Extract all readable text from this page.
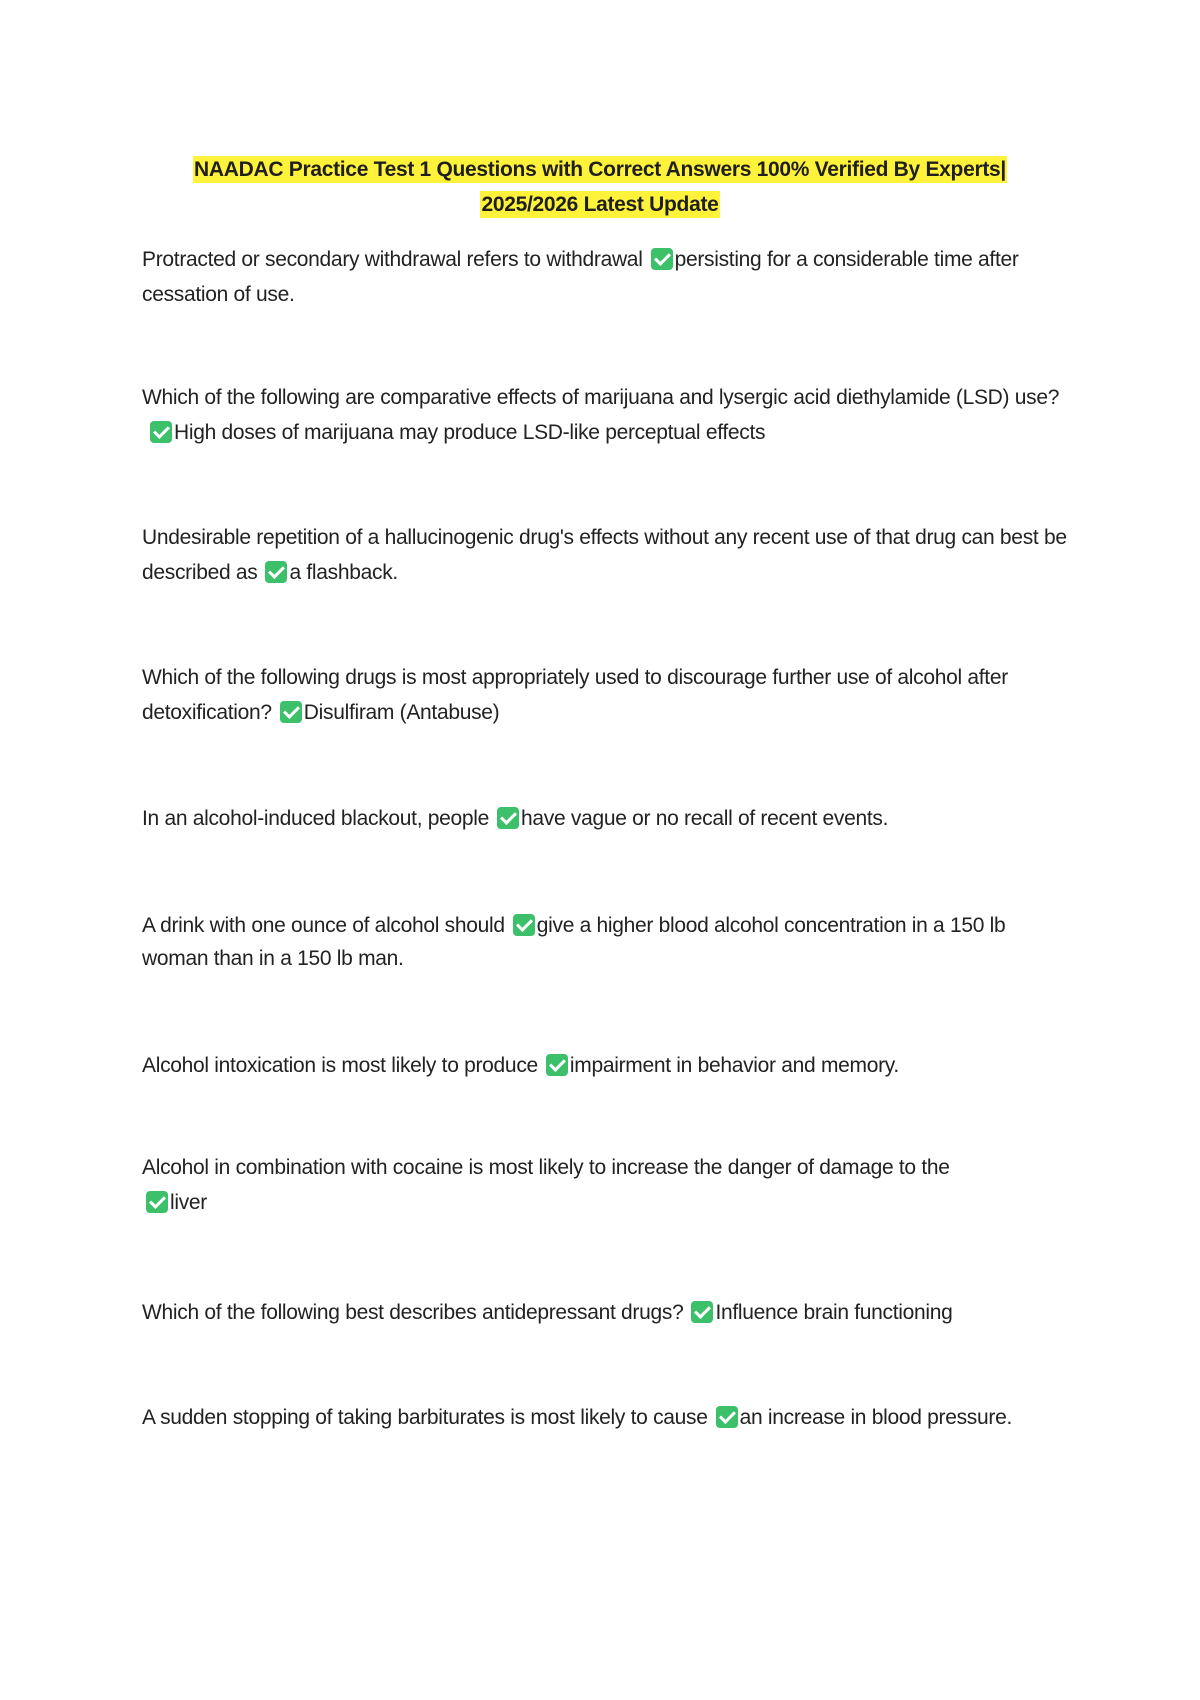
NAADAC Practice Test 1 Questions with Correct Answers 100% Verified By Experts|
2025/2026 Latest Update
Protracted or secondary withdrawal refers to withdrawal persisting for a considerable time after cessation of use.
Which of the following are comparative effects of marijuana and lysergic acid diethylamide (LSD) use?High doses of marijuana may produce LSD-like perceptual effects
Undesirable repetition of a hallucinogenic drug's effects without any recent use of that drug can best be described as a flashback.
Which of the following drugs is most appropriately used to discourage further use of alcohol after detoxification? Disulfiram (Antabuse)
In an alcohol-induced blackout, people have vague or no recall of recent events.
A drink with one ounce of alcohol should give a higher blood alcohol concentration in a 150 lb woman than in a 150 lb man.
Alcohol intoxication is most likely to produce impairment in behavior and memory.
Alcohol in combination with cocaine is most likely to increase the danger of damage to the
liver
Which of the following best describes antidepressant drugs? Influence brain functioning
A sudden stopping of taking barbiturates is most likely to cause an increase in blood pressure.
